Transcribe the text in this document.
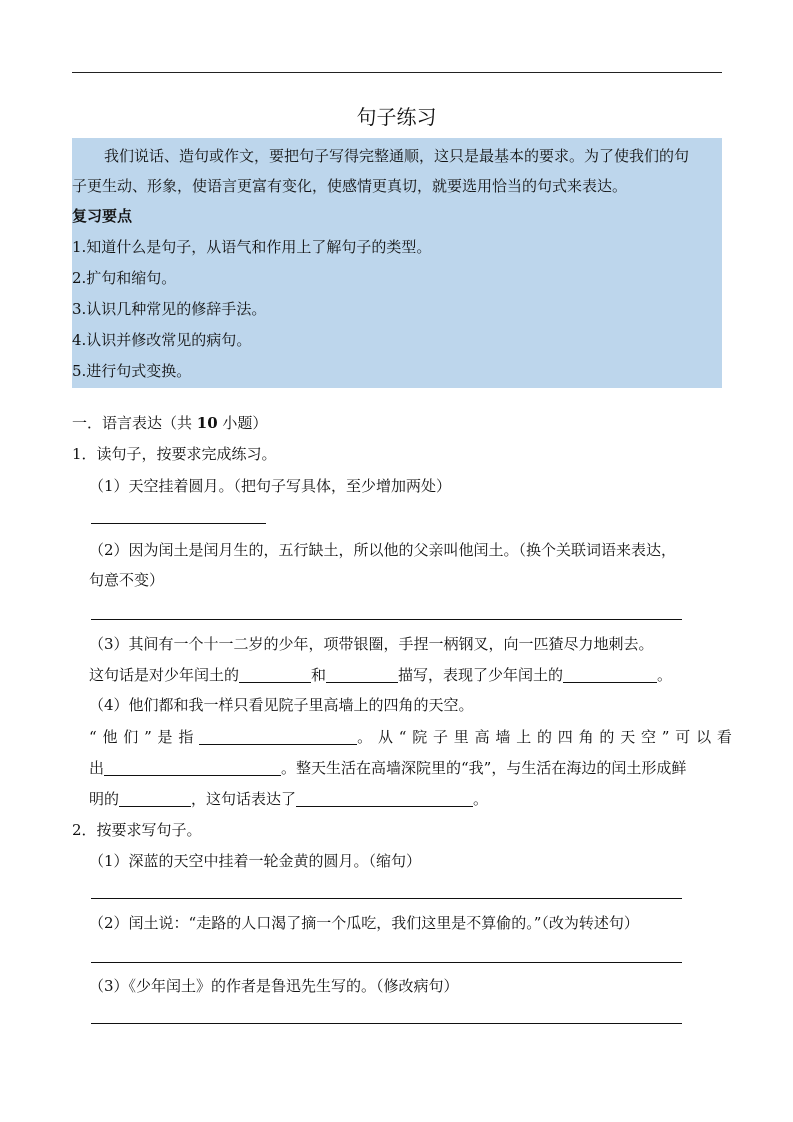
句子练习
我们说话、造句或作文，要把句子写得完整通顺，这只是最基本的要求。为了使我们的句
子更生动、形象，使语言更富有变化，使感情更真切，就要选用恰当的句式来表达。
复习要点
1.知道什么是句子，从语气和作用上了解句子的类型。
2.扩句和缩句。
3.认识几种常见的修辞手法。
4.认识并修改常见的病句。
5.进行句式变换。
一．语言表达（共 10 小题）
1．读句子，按要求完成练习。
（1）天空挂着圆月。（把句子写具体，至少增加两处）
（2）因为闰土是闰月生的，五行缺土，所以他的父亲叫他闰土。（换个关联词语来表达，
句意不变）
（3）其间有一个十一二岁的少年，项带银圈，手捏一柄钢叉，向一匹猹尽力地刺去。
这句话是对少年闰土的	和	描写，表现了少年闰土的	。
（4）他们都和我一样只看见院子里高墙上的四角的天空。
“他们”是指	。从“院子里高墙上的四角的天空”可以看
出	。整天生活在高墙深院里的“我”，与生活在海边的闰土形成鲜
明的	，这句话表达了	。
2．按要求写句子。
（1）深蓝的天空中挂着一轮金黄的圆月。（缩句）
（2）闰土说：“走路的人口渴了摘一个瓜吃，我们这里是不算偷的。”（改为转述句）
（3）《少年闰土》的作者是鲁迅先生写的。（修改病句）
